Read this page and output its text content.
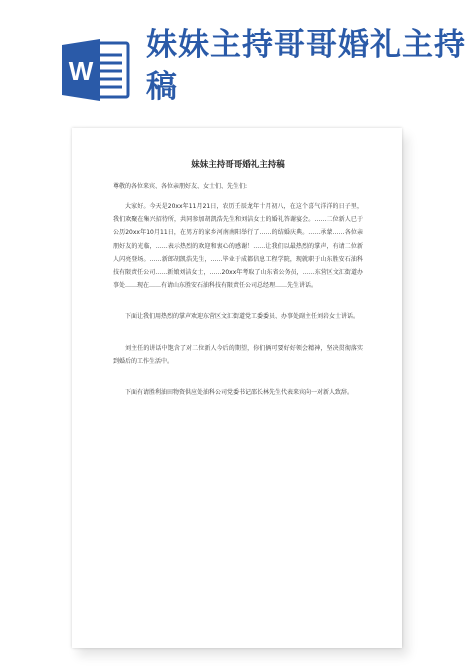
W
妹妹主持哥哥婚礼主持稿
妹妹主持哥哥婚礼主持稿
尊敬的各位来宾、各位亲朋好友、女士们、先生们:

大家好。今天是20xx年11月21日，农历壬辰龙年十月初八，在这个喜气洋洋的日子里，我们欢聚在集兴招待所，共同参加胡凯浩先生和刘洁女士的婚礼答谢宴会。……二位新人已于公历20xx年10月11日，在男方的家乡河南南阳举行了……的结婚庆典。……承蒙……各位亲朋好友的光临，……表示热烈的欢迎和衷心的感谢！……让我们以最热烈的掌声，有请二位新人闪亮登场。……新郎胡凯浩先生，……毕业于成都信息工程学院，现就职于山东胜安石油科技有限责任公司……新娘刘洁女士，……20xx年考取了山东省公务员，……东营区文汇街道办事处……现在……有请山东胜安石油科技有限责任公司总经理……先生讲话。

下面让我们用热烈的掌声欢迎东营区文汇街道党工委委员、办事处副主任刘岩女士讲话。

刘主任的讲话中饱含了对二位新人今后的期望，你们俩可要好好领会精神，坚决贯彻落实到婚后的工作生活中。

下面有请胜利油田物资供应处油科公司党委书记邵长林先生代表来宾向一对新人致辞。
